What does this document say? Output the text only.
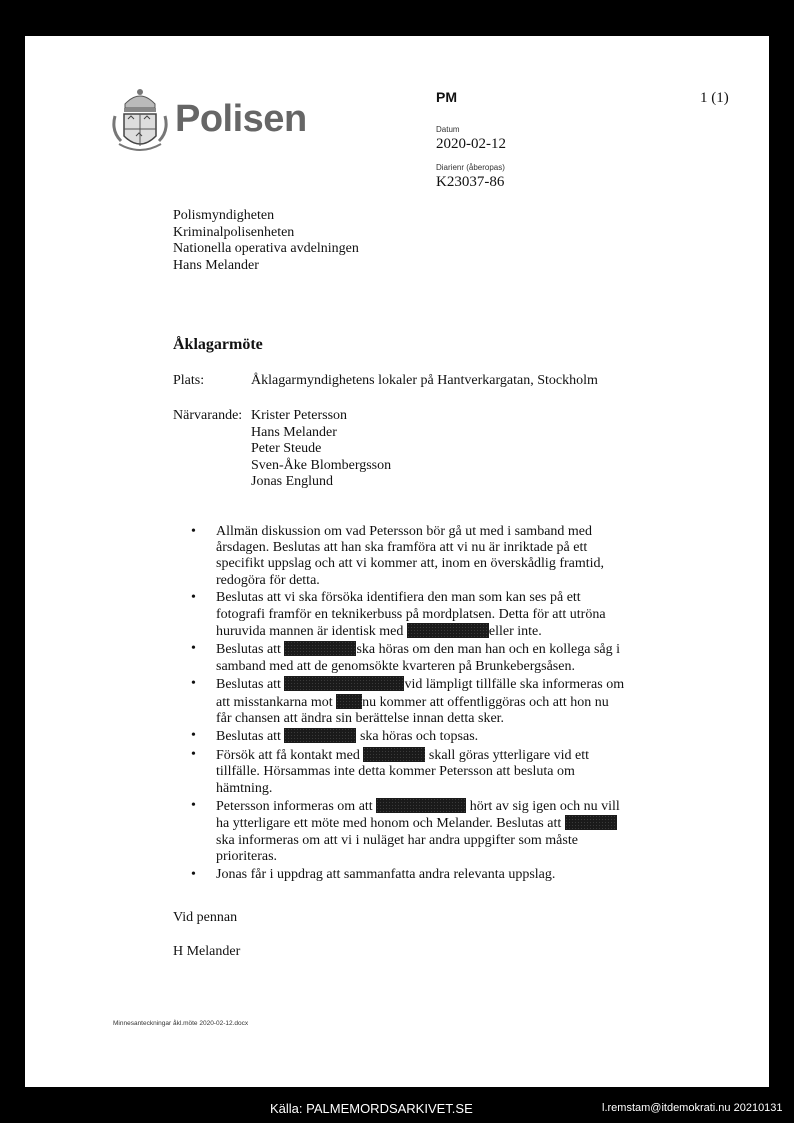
Polisen
PM	1 (1)
Datum
2020-02-12
Diarienr (åberopas)
K23037-86
Polismyndigheten
Kriminalpolisenheten
Nationella operativa avdelningen
Hans Melander
Åklagarmöte
Plats:	Åklagarmyndighetens lokaler på Hantverkargatan, Stockholm
Närvarande: Krister Petersson
Hans Melander
Peter Steude
Sven-Åke Blombergsson
Jonas Englund
• Allmän diskussion om vad Petersson bör gå ut med i samband med årsdagen. Beslutas att han ska framföra att vi nu är inriktade på ett specifikt uppslag och att vi kommer att, inom en överskådlig framtid, redogöra för detta.
• Beslutas att vi ska försöka identifiera den man som kan ses på ett fotografi framför en teknikerbuss på mordplatsen. Detta för att utröna huruvida mannen är identisk med	eller inte.
• Beslutas att	ska höras om den man han och en kollega såg i samband med att de genomsökte kvarteren på Brunkebergsåsen.
• Beslutas att	vid lämpligt tillfälle ska informeras om att misstankarna mot nu kommer att offentliggöras och att hon nu får chansen att ändra sin berättelse innan detta sker.
• Beslutas att	ska höras och topsas.
• Försök att få kontakt med	skall göras ytterligare vid ett tillfälle. Hörsammas inte detta kommer Petersson att besluta om hämtning.
• Petersson informeras om att	hört av sig igen och nu vill ha ytterligare ett möte med honom och Melander. Beslutas att ska informeras om att vi i nuläget har andra uppgifter som måste prioriteras.
• Jonas får i uppdrag att sammanfatta andra relevanta uppslag.
Vid pennan
H Melander
Minnesanteckningar åkl.möte 2020-02-12.docx
Källa: PALMEMORDSARKIVET.SE	l.remstam@itdemokrati.nu 20210131
